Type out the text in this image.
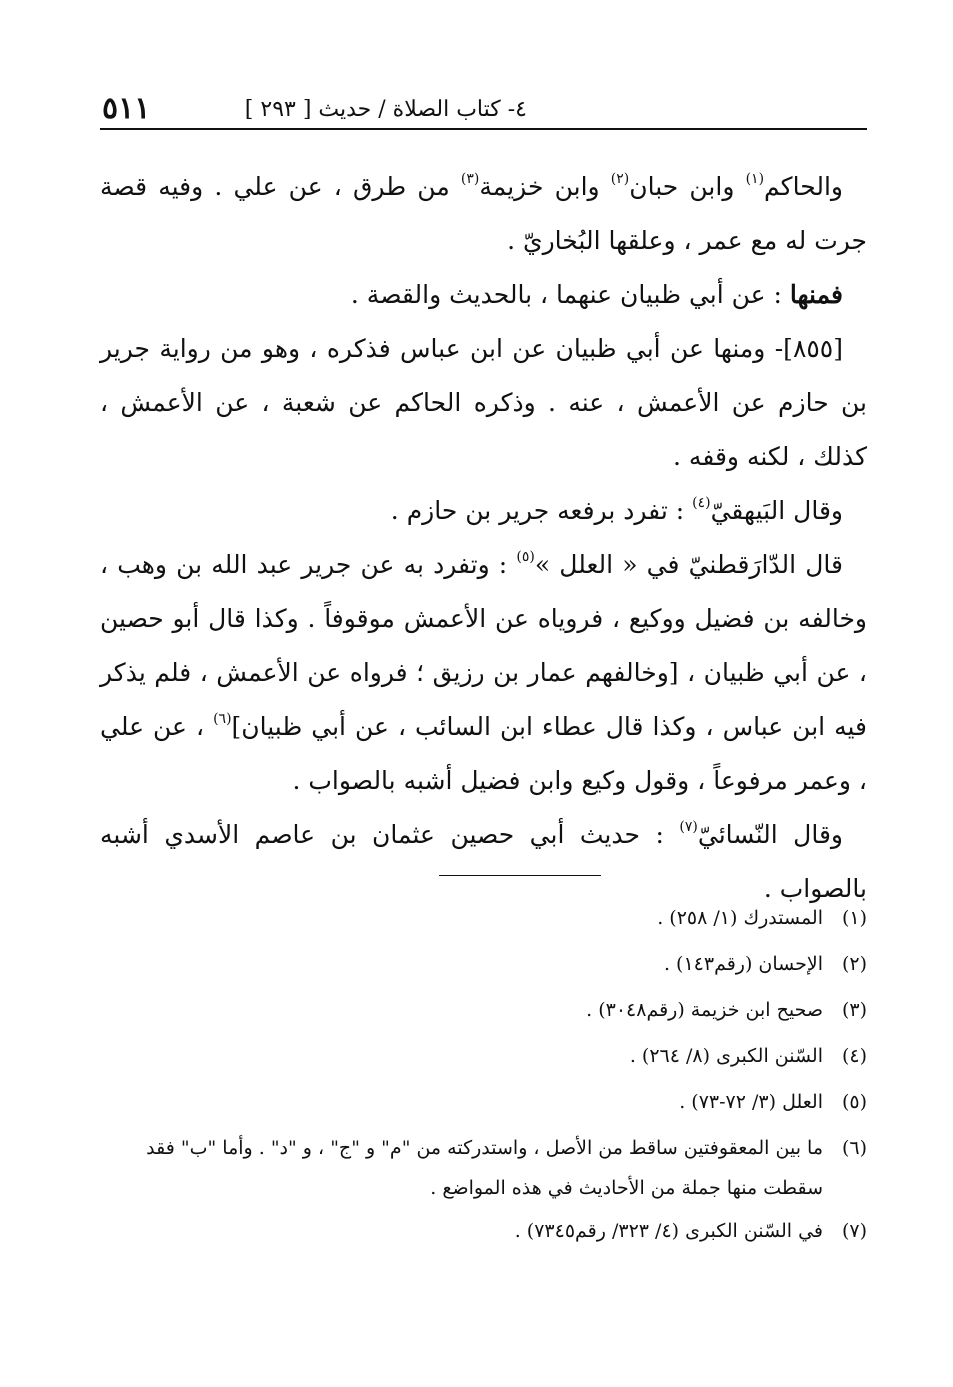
٤- كتاب الصلاة / حديث [ ٢٩٣ ]
٥١١

والحاكم$^{(١)}$ وابن حبان$^{(٢)}$ وابن خزيمة$^{(٣)}$ من طرق ، عن علي . وفيه قصة جرت له مع عمر ، وعلقها البُخاريّ .

فمنها : عن أبي ظبيان عنهما ، بالحديث والقصة .

[٨٥٥]- ومنها عن أبي ظبيان عن ابن عباس فذكره ، وهو من رواية جرير بن حازم عن الأعمش ، عنه . وذكره الحاكم عن شعبة ، عن الأعمش ، كذلك ، لكنه وقفه .

وقال البَيهقيّ$^{(٤)}$ : تفرد برفعه جرير بن حازم .

قال الدّارَقطنيّ في « العلل »$^{(٥)}$ : وتفرد به عن جرير عبد الله بن وهب ، وخالفه بن فضيل ووكيع ، فروياه عن الأعمش موقوفاً . وكذا قال أبو حصين ، عن أبي ظبيان ، [وخالفهم عمار بن رزيق ؛ فرواه عن الأعمش ، فلم يذكر فيه ابن عباس ، وكذا قال عطاء ابن السائب ، عن أبي ظبيان]$^{(٦)}$ ، عن علي ، وعمر مرفوعاً ، وقول وكيع وابن فضيل أشبه بالصواب .

وقال النّسائيّ$^{(٧)}$ : حديث أبي حصين عثمان بن عاصم الأسدي أشبه بالصواب .

(١)
المستدرك (١/ ٢٥٨) .
(٢)
الإحسان (رقم١٤٣) .
(٣)
صحيح ابن خزيمة (رقم٣٠٤٨) .
(٤)
السّنن الكبرى (٨/ ٢٦٤) .
(٥)
العلل (٣/ ٧٢-٧٣) .
(٦)
ما بين المعقوفتين ساقط من الأصل ، واستدركته من "م" و "ج" ، و "د" . وأما "ب" فقد سقطت منها جملة من الأحاديث في هذه المواضع .
(٧)
في السّنن الكبرى (٤/ ٣٢٣/ رقم٧٣٤٥) .
